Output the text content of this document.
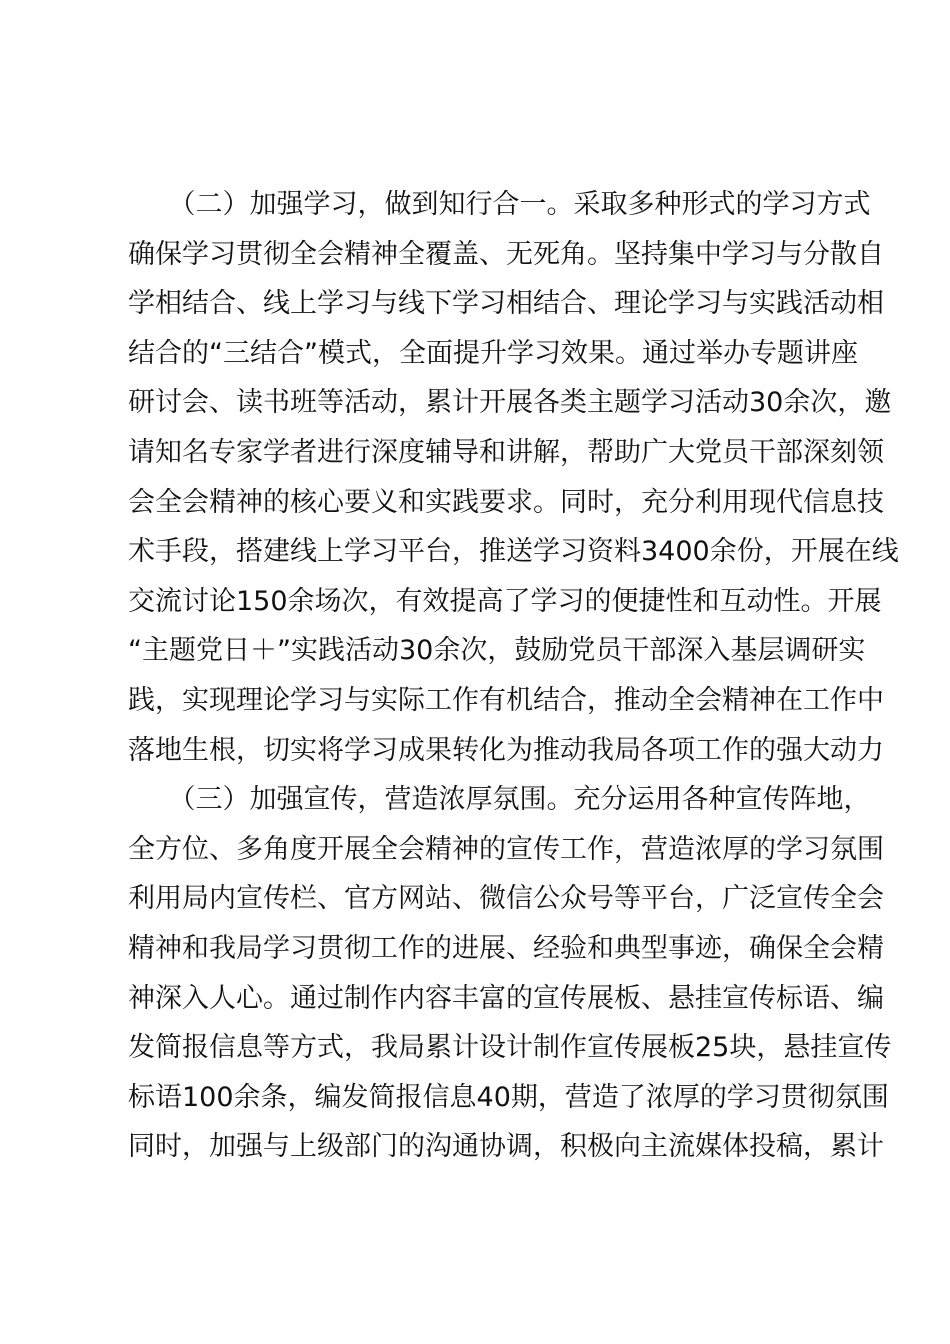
　　（二）加强学习，做到知行合一。采取多种形式的学习方式
确保学习贯彻全会精神全覆盖、无死角。坚持集中学习与分散自
学相结合、线上学习与线下学习相结合、理论学习与实践活动相
结合的“三结合”模式，全面提升学习效果。通过举办专题讲座
研讨会、读书班等活动，累计开展各类主题学习活动30余次，邀
请知名专家学者进行深度辅导和讲解，帮助广大党员干部深刻领
会全会精神的核心要义和实践要求。同时，充分利用现代信息技
术手段，搭建线上学习平台，推送学习资料3400余份，开展在线
交流讨论150余场次，有效提高了学习的便捷性和互动性。开展
“主题党日＋”实践活动30余次，鼓励党员干部深入基层调研实
践，实现理论学习与实际工作有机结合，推动全会精神在工作中
落地生根，切实将学习成果转化为推动我局各项工作的强大动力
　　（三）加强宣传，营造浓厚氛围。充分运用各种宣传阵地，
全方位、多角度开展全会精神的宣传工作，营造浓厚的学习氛围
利用局内宣传栏、官方网站、微信公众号等平台，广泛宣传全会
精神和我局学习贯彻工作的进展、经验和典型事迹，确保全会精
神深入人心。通过制作内容丰富的宣传展板、悬挂宣传标语、编
发简报信息等方式，我局累计设计制作宣传展板25块，悬挂宣传
标语100余条，编发简报信息40期，营造了浓厚的学习贯彻氛围
同时，加强与上级部门的沟通协调，积极向主流媒体投稿，累计
